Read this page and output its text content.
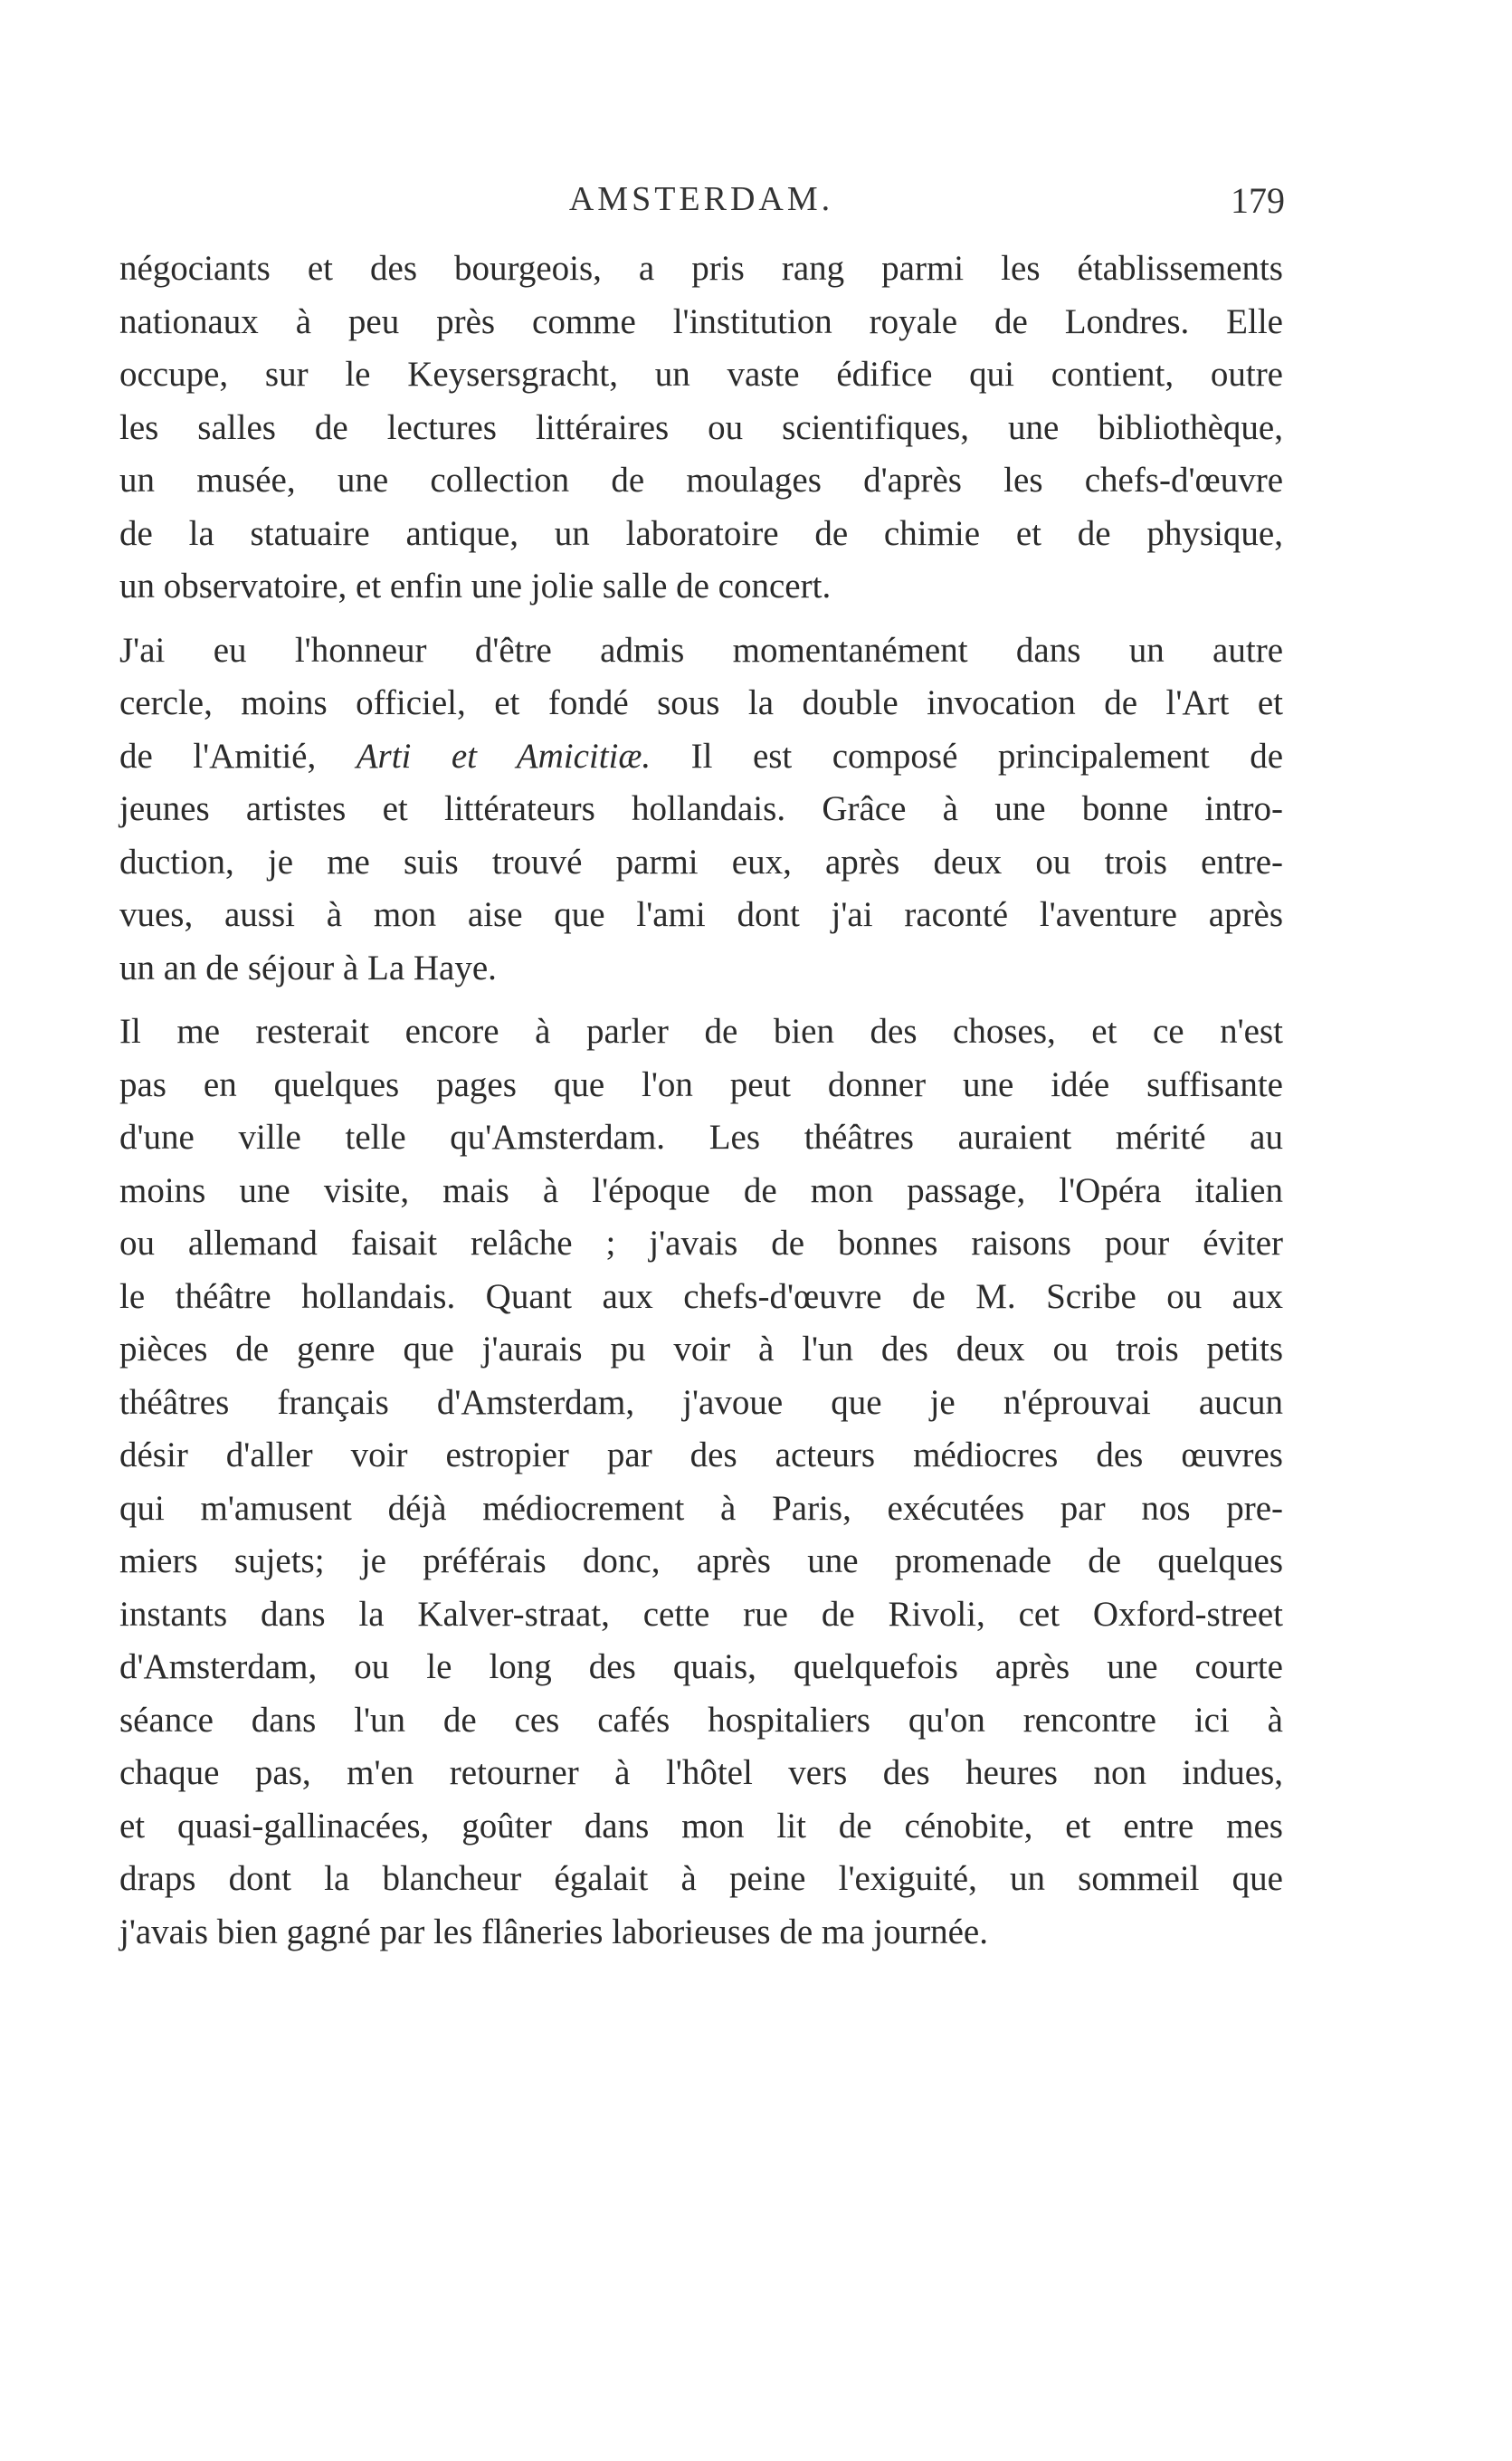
AMSTERDAM.	179
négociants et des bourgeois, a pris rang parmi les établissements
nationaux à peu près comme l'institution royale de Londres. Elle
occupe, sur le Keysersgracht, un vaste édifice qui contient, outre
les salles de lectures littéraires ou scientifiques, une bibliothèque,
un musée, une collection de moulages d'après les chefs-d'œuvre
de la statuaire antique, un laboratoire de chimie et de physique,
un observatoire, et enfin une jolie salle de concert.
J'ai eu l'honneur d'être admis momentanément dans un autre
cercle, moins officiel, et fondé sous la double invocation de l'Art et
de l'Amitié, Arti et Amicitiæ. Il est composé principalement de
jeunes artistes et littérateurs hollandais. Grâce à une bonne intro-
duction, je me suis trouvé parmi eux, après deux ou trois entre-
vues, aussi à mon aise que l'ami dont j'ai raconté l'aventure après
un an de séjour à La Haye.
Il me resterait encore à parler de bien des choses, et ce n'est
pas en quelques pages que l'on peut donner une idée suffisante
d'une ville telle qu'Amsterdam. Les théâtres auraient mérité au
moins une visite, mais à l'époque de mon passage, l'Opéra italien
ou allemand faisait relâche ; j'avais de bonnes raisons pour éviter
le théâtre hollandais. Quant aux chefs-d'œuvre de M. Scribe ou aux
pièces de genre que j'aurais pu voir à l'un des deux ou trois petits
théâtres français d'Amsterdam, j'avoue que je n'éprouvai aucun
désir d'aller voir estropier par des acteurs médiocres des œuvres
qui m'amusent déjà médiocrement à Paris, exécutées par nos pre-
miers sujets; je préférais donc, après une promenade de quelques
instants dans la Kalver-straat, cette rue de Rivoli, cet Oxford-street
d'Amsterdam, ou le long des quais, quelquefois après une courte
séance dans l'un de ces cafés hospitaliers qu'on rencontre ici à
chaque pas, m'en retourner à l'hôtel vers des heures non indues,
et quasi-gallinacées, goûter dans mon lit de cénobite, et entre mes
draps dont la blancheur égalait à peine l'exiguité, un sommeil que
j'avais bien gagné par les flâneries laborieuses de ma journée.
